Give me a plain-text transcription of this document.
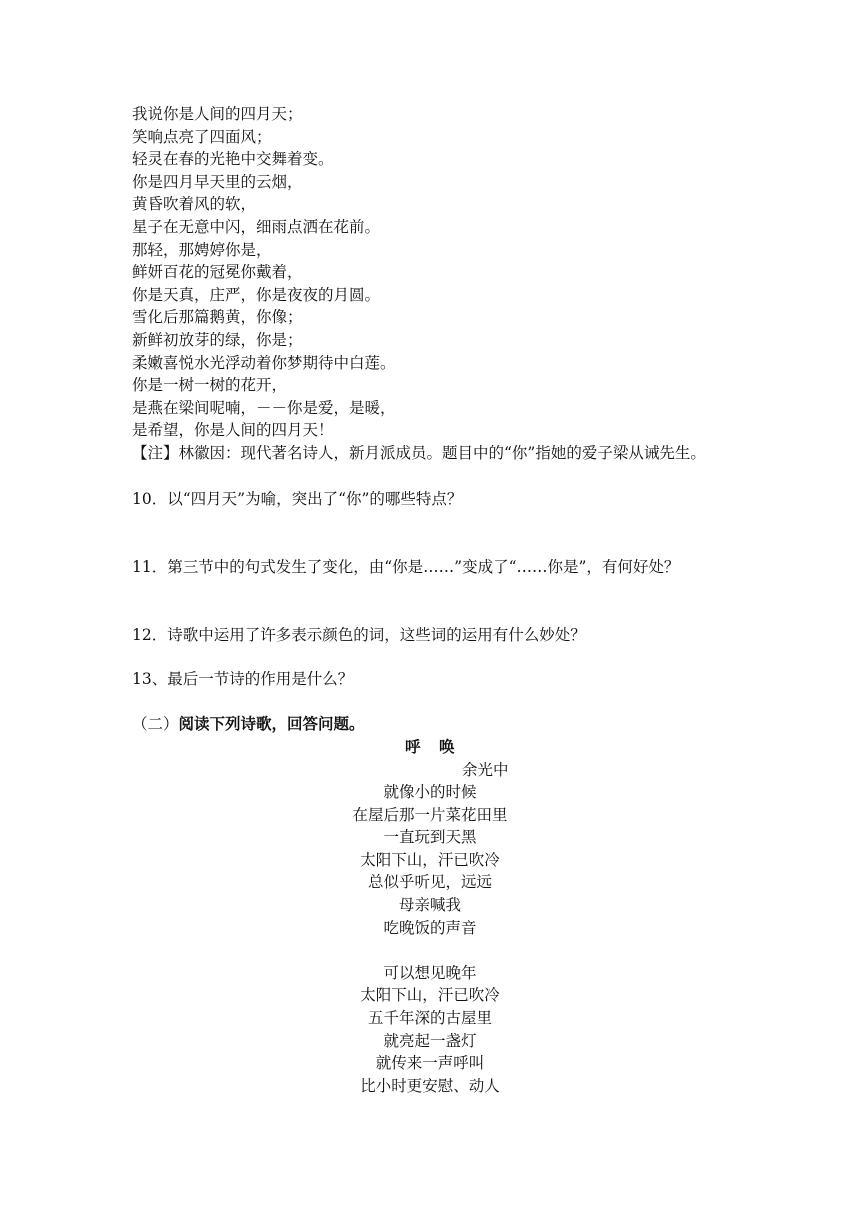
我说你是人间的四月天；
笑响点亮了四面风；
轻灵在春的光艳中交舞着变。
你是四月早天里的云烟，
黄昏吹着风的软，
星子在无意中闪，细雨点洒在花前。
那轻，那娉婷你是，
鲜妍百花的冠冕你戴着，
你是天真，庄严，你是夜夜的月圆。
雪化后那篇鹅黄，你像；
新鲜初放芽的绿，你是；
柔嫩喜悦水光浮动着你梦期待中白莲。
你是一树一树的花开，
是燕在梁间呢喃，－－你是爱，是暖，
是希望，你是人间的四月天！
【注】林徽因：现代著名诗人，新月派成员。题目中的“你”指她的爱子梁从诫先生。
10．以“四月天”为喻，突出了“你”的哪些特点？
11．第三节中的句式发生了变化，由“你是……”变成了“……你是”，有何好处？
12．诗歌中运用了许多表示颜色的词，这些词的运用有什么妙处？
13、最后一节诗的作用是什么？
（二）阅读下列诗歌，回答问题。
呼 唤
余光中
就像小的时候
在屋后那一片菜花田里
一直玩到天黑
太阳下山，汗已吹冷
总似乎听见，远远
母亲喊我
吃晚饭的声音
可以想见晚年
太阳下山，汗已吹冷
五千年深的古屋里
就亮起一盏灯
就传来一声呼叫
比小时更安慰、动人
